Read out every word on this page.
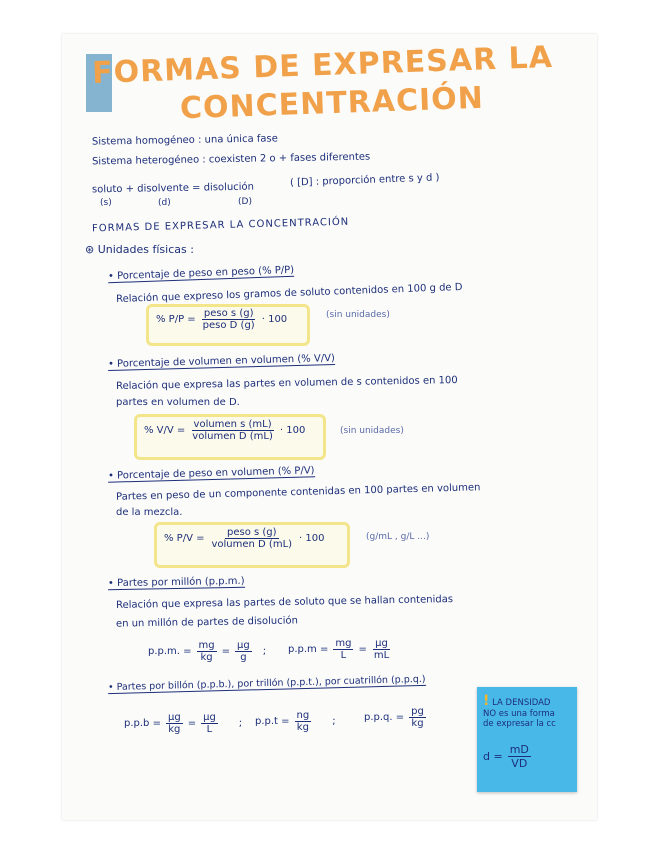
FORMAS DE EXPRESAR LA
CONCENTRACIÓN
Sistema homogéneo : una única fase
Sistema heterogéneo : coexisten 2 o + fases diferentes
soluto + disolvente = disolución	( [D] : proporción entre s y d )
(s)	(d)	(D)
FORMAS DE EXPRESAR LA CONCENTRACIÓN
⊛ Unidades físicas :
• Porcentaje de peso en peso (% P/P)
Relación que expreso los gramos de soluto contenidos en 100 g de D
% $P/P = \frac{\text{peso s (g)}}{\text{peso D (g)}} \cdot 100$	(sin unidades)
• Porcentaje de volumen en volumen (% V/V)
Relación que expresa las partes en volumen de s contenidos en 100
partes en volumen de D.
% $V/V = \frac{\text{volumen s (mL)}}{\text{volumen D (mL)}} \cdot 100$	(sin unidades)
• Porcentaje de peso en volumen (% P/V)
Partes en peso de un componente contenidas en 100 partes en volumen
de la mezcla.
% $P/V = \frac{\text{peso s (g)}}{\text{volumen D (mL)}} \cdot 100$	(g/mL , g/L ...)
• Partes por millón (p.p.m.)
Relación que expresa las partes de soluto que se hallan contenidas
en un millón de partes de disolución
p.p.m. = $\frac{mg}{kg} = \frac{\text{µg}}{g}$ ; $p.p.m = \frac{mg}{L} = \frac{\text{µg}}{mL}$
• Partes por billón (p.p.b.), por trillón (p.p.t.), por cuatrillón (p.p.q.)
$p.p.b = \frac{\text{µg}}{kg} = \frac{\text{µg}}{L}$ ; $p.p.t = \frac{ng}{kg}$ ;	p.p.q. = $\frac{pg}{kg}$
! LA DENSIDAD
NO es una forma
de expresar la cc
$d = \frac{mD}{VD}$
